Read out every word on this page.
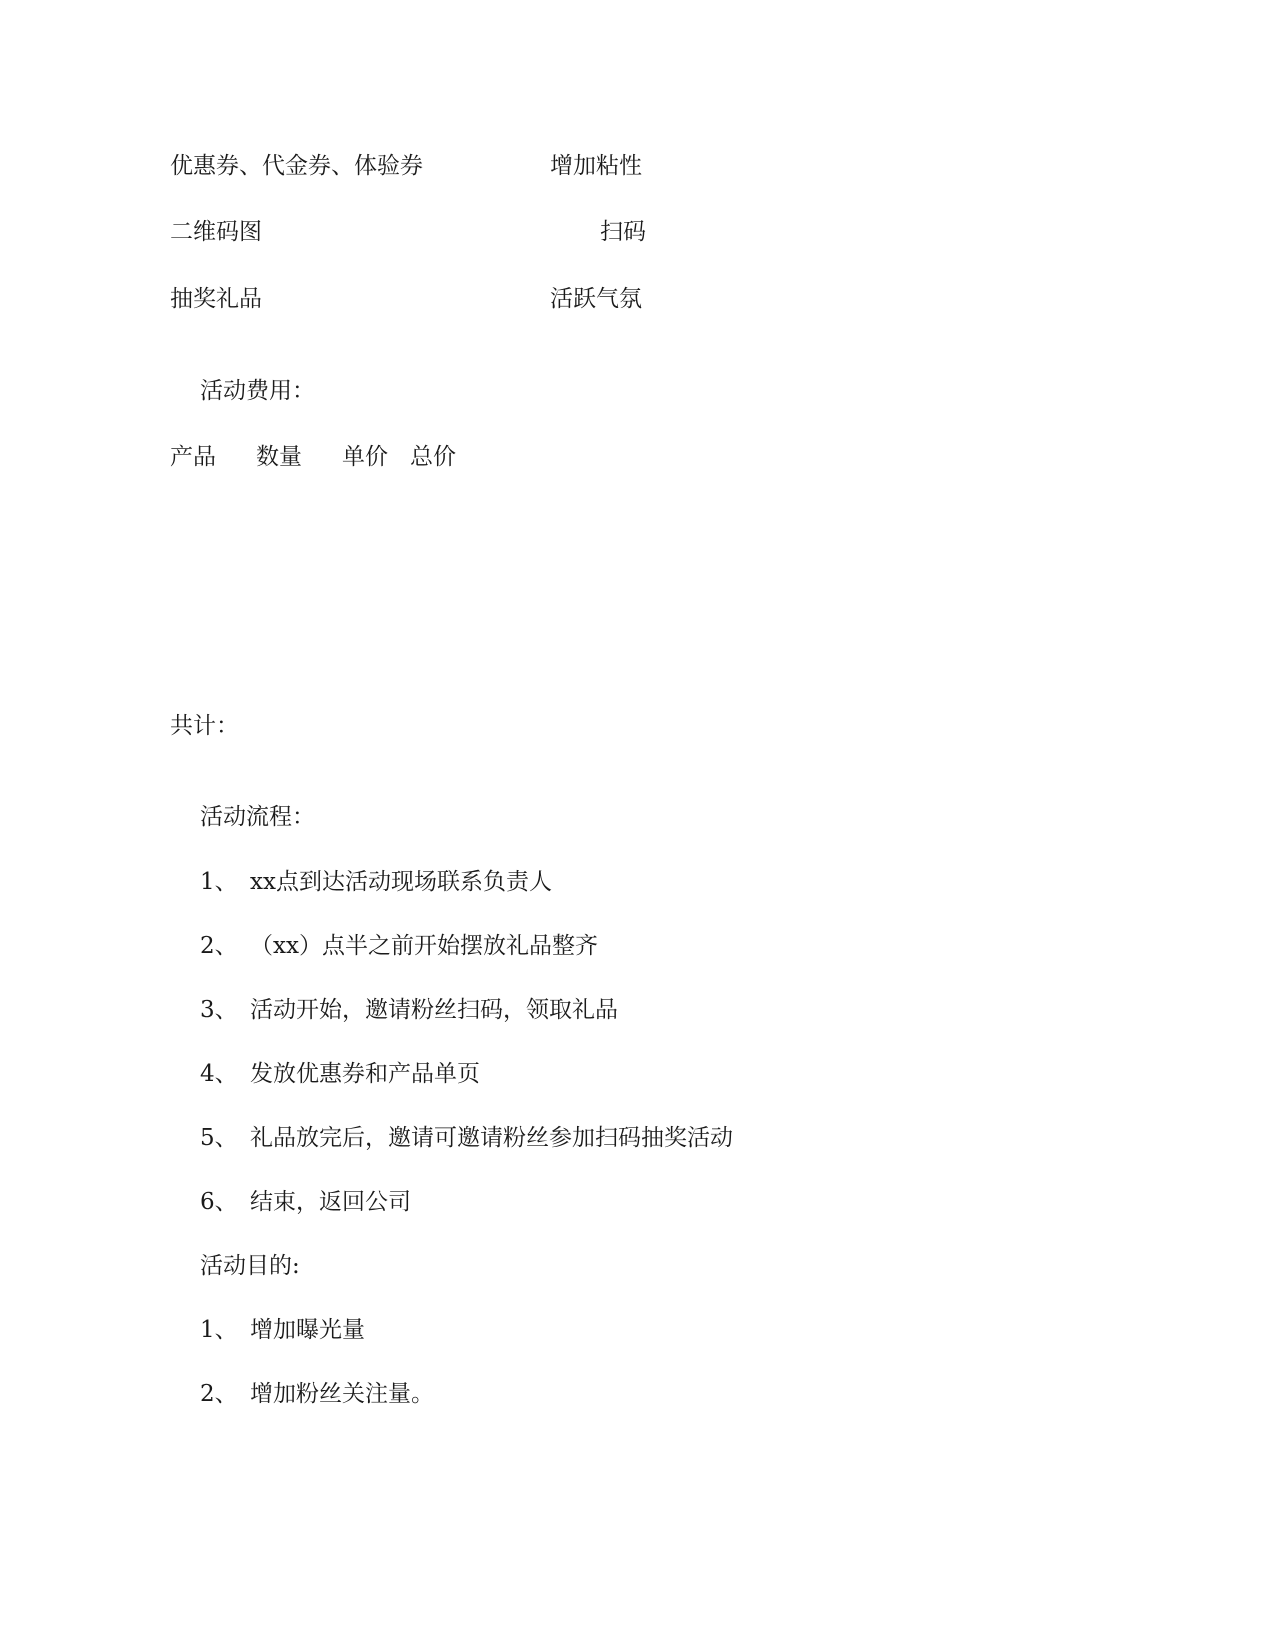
优惠券、代金券、体验券	增加粘性
二维码图	扫码
抽奖礼品	活跃气氛
活动费用：
产品 数量 单价 总价
共计：
活动流程：
1、 xx点到达活动现场联系负责人
2、 （xx）点半之前开始摆放礼品整齐
3、 活动开始，邀请粉丝扫码，领取礼品
4、 发放优惠券和产品单页
5、 礼品放完后，邀请可邀请粉丝参加扫码抽奖活动
6、 结束，返回公司
活动目的:
1、 增加曝光量
2、 增加粉丝关注量。
